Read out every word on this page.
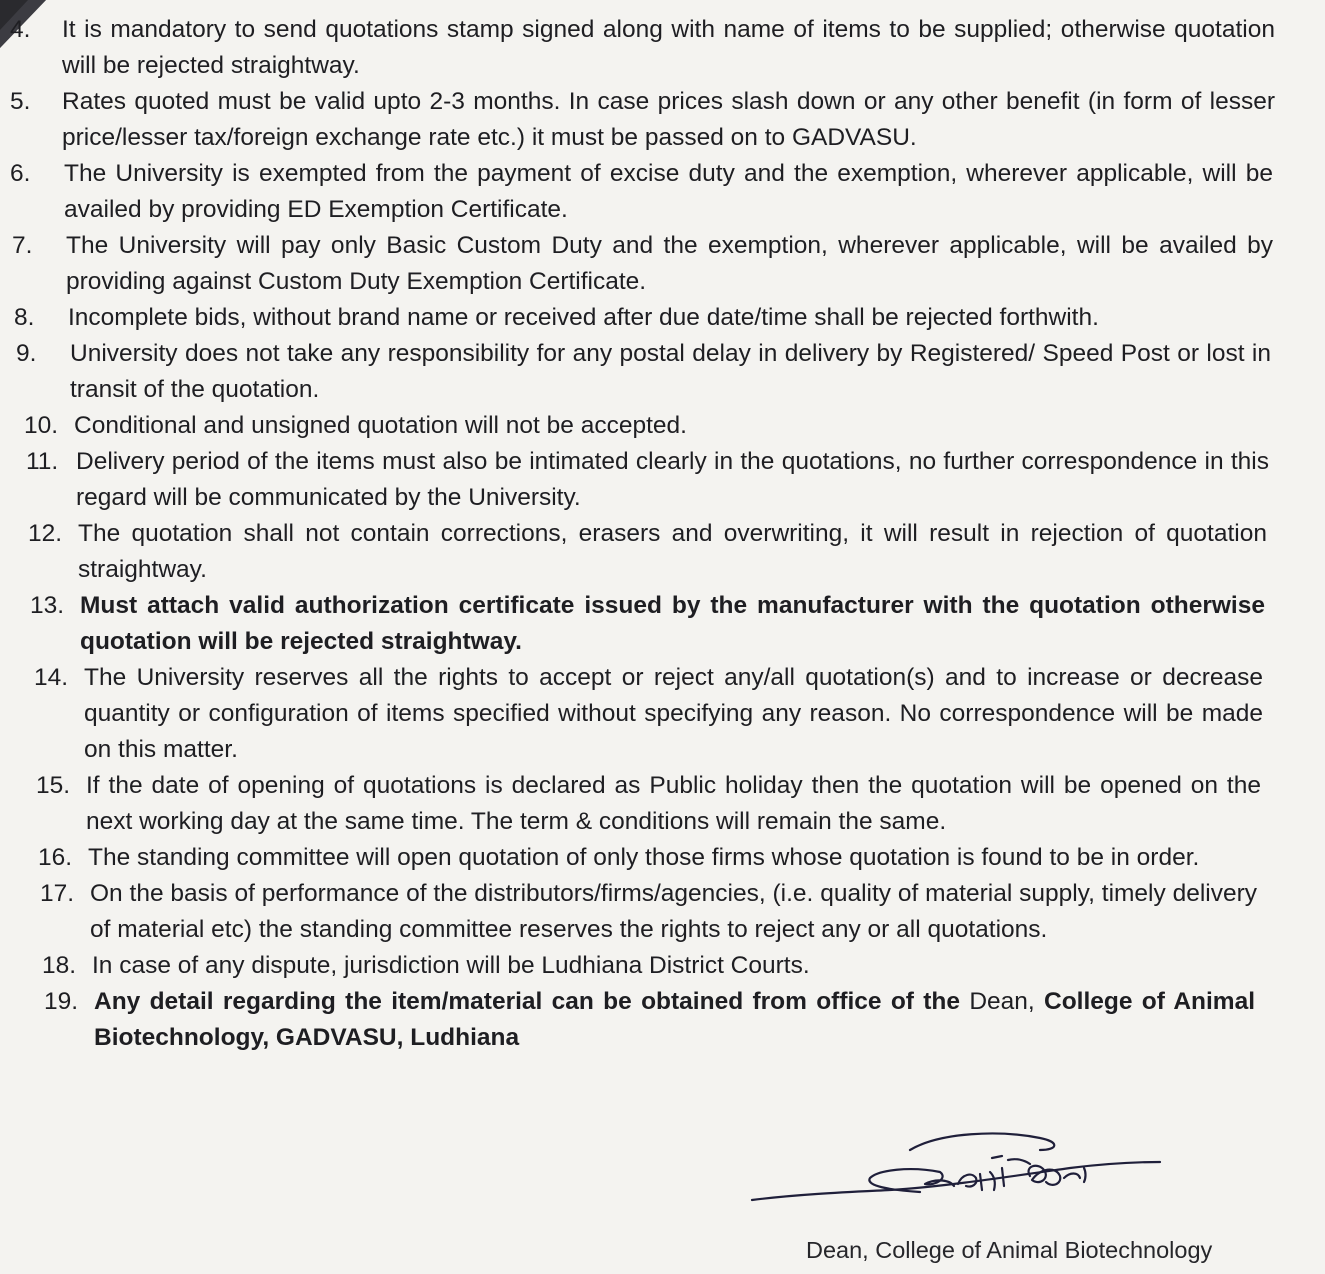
4. It is mandatory to send quotations stamp signed along with name of items to be supplied; otherwise quotation will be rejected straightway.
5. Rates quoted must be valid upto 2-3 months. In case prices slash down or any other benefit (in form of lesser price/lesser tax/foreign exchange rate etc.) it must be passed on to GADVASU.
6. The University is exempted from the payment of excise duty and the exemption, wherever applicable, will be availed by providing ED Exemption Certificate.
7. The University will pay only Basic Custom Duty and the exemption, wherever applicable, will be availed by providing against Custom Duty Exemption Certificate.
8. Incomplete bids, without brand name or received after due date/time shall be rejected forthwith.
9. University does not take any responsibility for any postal delay in delivery by Registered/ Speed Post or lost in transit of the quotation.
10. Conditional and unsigned quotation will not be accepted.
11. Delivery period of the items must also be intimated clearly in the quotations, no further correspondence in this regard will be communicated by the University.
12. The quotation shall not contain corrections, erasers and overwriting, it will result in rejection of quotation straightway.
13. Must attach valid authorization certificate issued by the manufacturer with the quotation otherwise quotation will be rejected straightway.
14. The University reserves all the rights to accept or reject any/all quotation(s) and to increase or decrease quantity or configuration of items specified without specifying any reason. No correspondence will be made on this matter.
15. If the date of opening of quotations is declared as Public holiday then the quotation will be opened on the next working day at the same time. The term & conditions will remain the same.
16. The standing committee will open quotation of only those firms whose quotation is found to be in order.
17. On the basis of performance of the distributors/firms/agencies, (i.e. quality of material supply, timely delivery of material etc) the standing committee reserves the rights to reject any or all quotations.
18. In case of any dispute, jurisdiction will be Ludhiana District Courts.
19. Any detail regarding the item/material can be obtained from office of the Dean, College of Animal Biotechnology, GADVASU, Ludhiana
Dean, College of Animal Biotechnology
